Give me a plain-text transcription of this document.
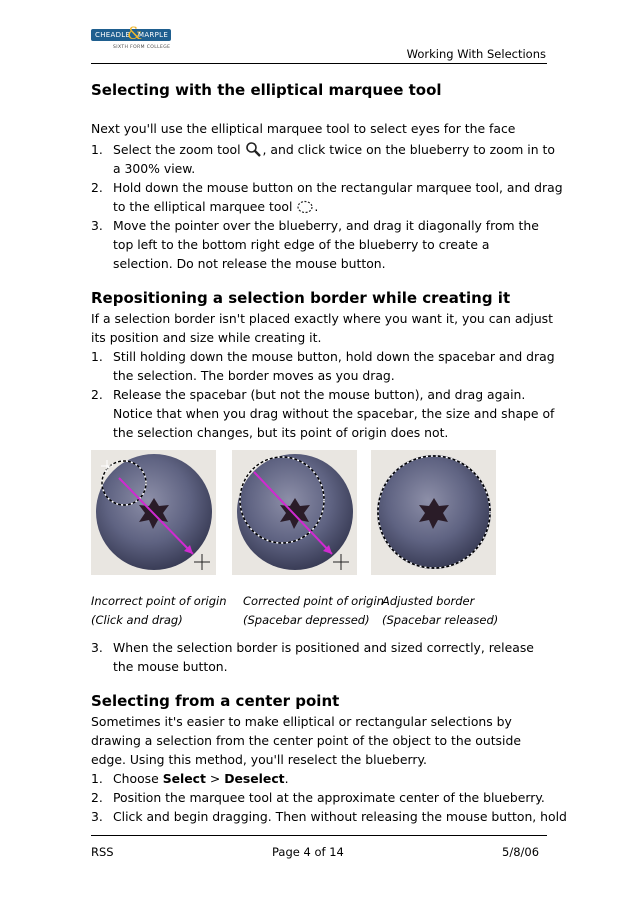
CHEADLE
&
MARPLE
SIXTH FORM COLLEGE	Working With Selections
Selecting with the elliptical marquee tool
Next you'll use the elliptical marquee tool to select eyes for the face
1. Select the zoom tool , and click twice on the blueberry to zoom in to
a 300% view.
2. Hold down the mouse button on the rectangular marquee tool, and drag
to the elliptical marquee tool .
3. Move the pointer over the blueberry, and drag it diagonally from the
top left to the bottom right edge of the blueberry to create a
selection. Do not release the mouse button.
Repositioning a selection border while creating it
If a selection border isn't placed exactly where you want it, you can adjust
its position and size while creating it.
1. Still holding down the mouse button, hold down the spacebar and drag
the selection. The border moves as you drag.
2. Release the spacebar (but not the mouse button), and drag again.
Notice that when you drag without the spacebar, the size and shape of
the selection changes, but its point of origin does not.
Incorrect point of origin
(Click and drag)
Corrected point of origin
(Spacebar depressed)
Adjusted border
(Spacebar released)
3. When the selection border is positioned and sized correctly, release
the mouse button.
Selecting from a center point
Sometimes it's easier to make elliptical or rectangular selections by
drawing a selection from the center point of the object to the outside
edge. Using this method, you'll reselect the blueberry.
1. Choose Select > Deselect.
2. Position the marquee tool at the approximate center of the blueberry.
3. Click and begin dragging. Then without releasing the mouse button, hold
RSS	Page 4 of 14	5/8/06
